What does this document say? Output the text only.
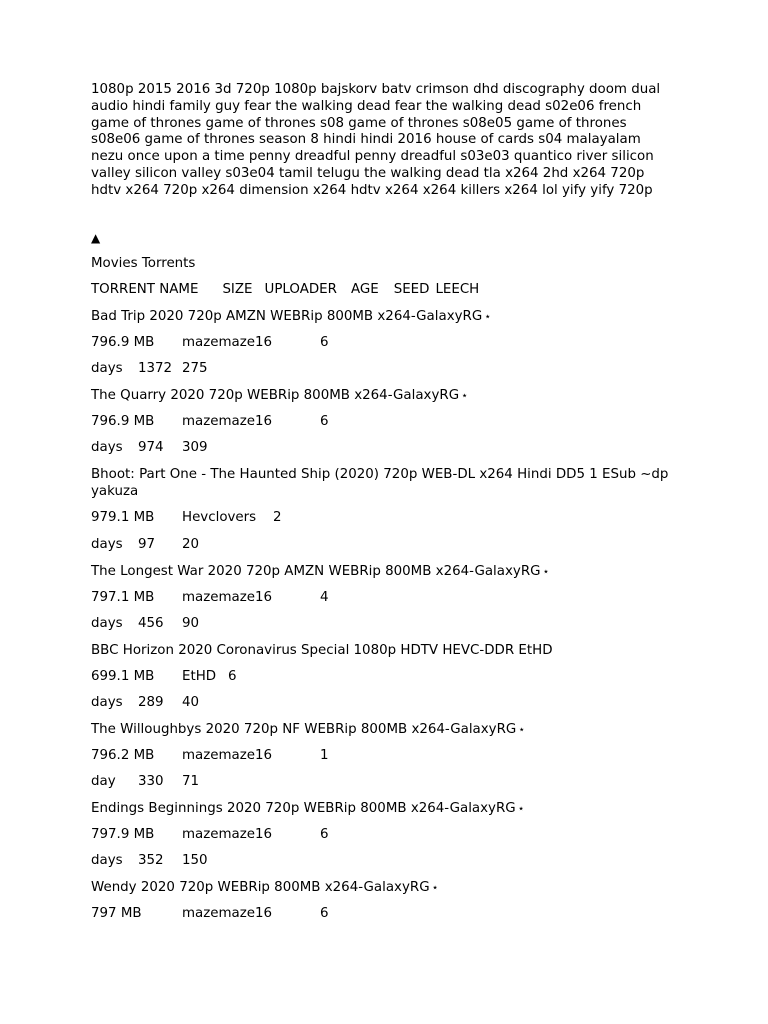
1080p 2015 2016 3d 720p 1080p bajskorv batv crimson dhd discography doom dual audio hindi family guy fear the walking dead fear the walking dead s02e06 french game of thrones game of thrones s08 game of thrones s08e05 game of thrones s08e06 game of thrones season 8 hindi hindi 2016 house of cards s04 malayalam nezu once upon a time penny dreadful penny dreadful s03e03 quantico river silicon valley silicon valley s03e04 tamil telugu the walking dead tla x264 2hd x264 720p hdtv x264 720p x264 dimension x264 hdtv x264 x264 killers x264 lol yify yify 720p

▲
Movies Torrents
TORRENT NAME SIZE UPLOADER AGE SEED LEECH
Bad Trip 2020 720p AMZN WEBRip 800MB x264-GalaxyRG ⋆
796.9 MB mazemaze16	6
days 1372 275
The Quarry 2020 720p WEBRip 800MB x264-GalaxyRG ⋆
796.9 MB mazemaze16	6
days 974 309
Bhoot: Part One - The Haunted Ship (2020) 720p WEB-DL x264 Hindi DD5 1 ESub ~dp yakuza
979.1 MB Hevclovers 2
days 97 20
The Longest War 2020 720p AMZN WEBRip 800MB x264-GalaxyRG ⋆
797.1 MB mazemaze16	4
days 456 90
BBC Horizon 2020 Coronavirus Special 1080p HDTV HEVC-DDR EtHD
699.1 MB EtHD 6
days 289 40
The Willoughbys 2020 720p NF WEBRip 800MB x264-GalaxyRG ⋆
796.2 MB mazemaze16	1
day 330 71
Endings Beginnings 2020 720p WEBRip 800MB x264-GalaxyRG ⋆
797.9 MB mazemaze16	6
days 352 150
Wendy 2020 720p WEBRip 800MB x264-GalaxyRG ⋆
797 MB	mazemaze16	6
